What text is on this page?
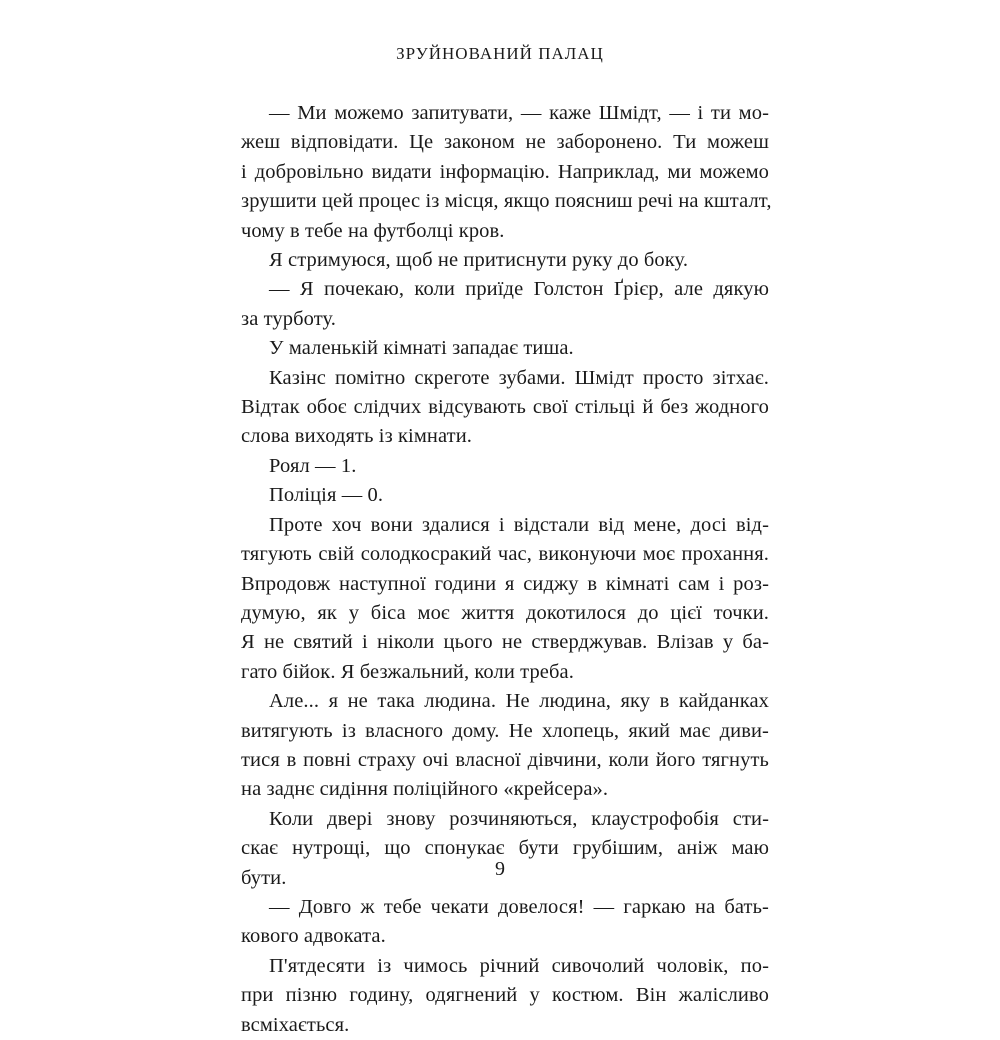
ЗРУЙНОВАНИЙ ПАЛАЦ
— Ми можемо запитувати, — каже Шмідт, — і ти мо-
жеш відповідати. Це законом не заборонено. Ти можеш
і добровільно видати інформацію. Наприклад, ми можемо
зрушити цей процес із місця, якщо поясниш речі на кшталт,
чому в тебе на футболці кров.
Я стримуюся, щоб не притиснути руку до боку.
— Я почекаю, коли приїде Голстон Ґрієр, але дякую
за турботу.
У маленькій кімнаті западає тиша.
Казінс помітно скреготе зубами. Шмідт просто зітхає.
Відтак обоє слідчих відсувають свої стільці й без жодного
слова виходять із кімнати.
Роял — 1.
Поліція — 0.
Проте хоч вони здалися і відстали від мене, досі від-
тягують свій солодкосракий час, виконуючи моє прохання.
Впродовж наступної години я сиджу в кімнаті сам і роз-
думую, як у біса моє життя докотилося до цієї точки.
Я не святий і ніколи цього не стверджував. Влізав у ба-
гато бійок. Я безжальний, коли треба.
Але... я не така людина. Не людина, яку в кайданках
витягують із власного дому. Не хлопець, який має диви-
тися в повні страху очі власної дівчини, коли його тягнуть
на заднє сидіння поліційного «крейсера».
Коли двері знову розчиняються, клаустрофобія сти-
скає нутрощі, що спонукає бути грубішим, аніж маю
бути.
— Довго ж тебе чекати довелося! — гаркаю на бать-
кового адвоката.
П'ятдесяти із чимось річний сивочолий чоловік, по-
при пізню годину, одягнений у костюм. Він жалісливо
всміхається.
9
